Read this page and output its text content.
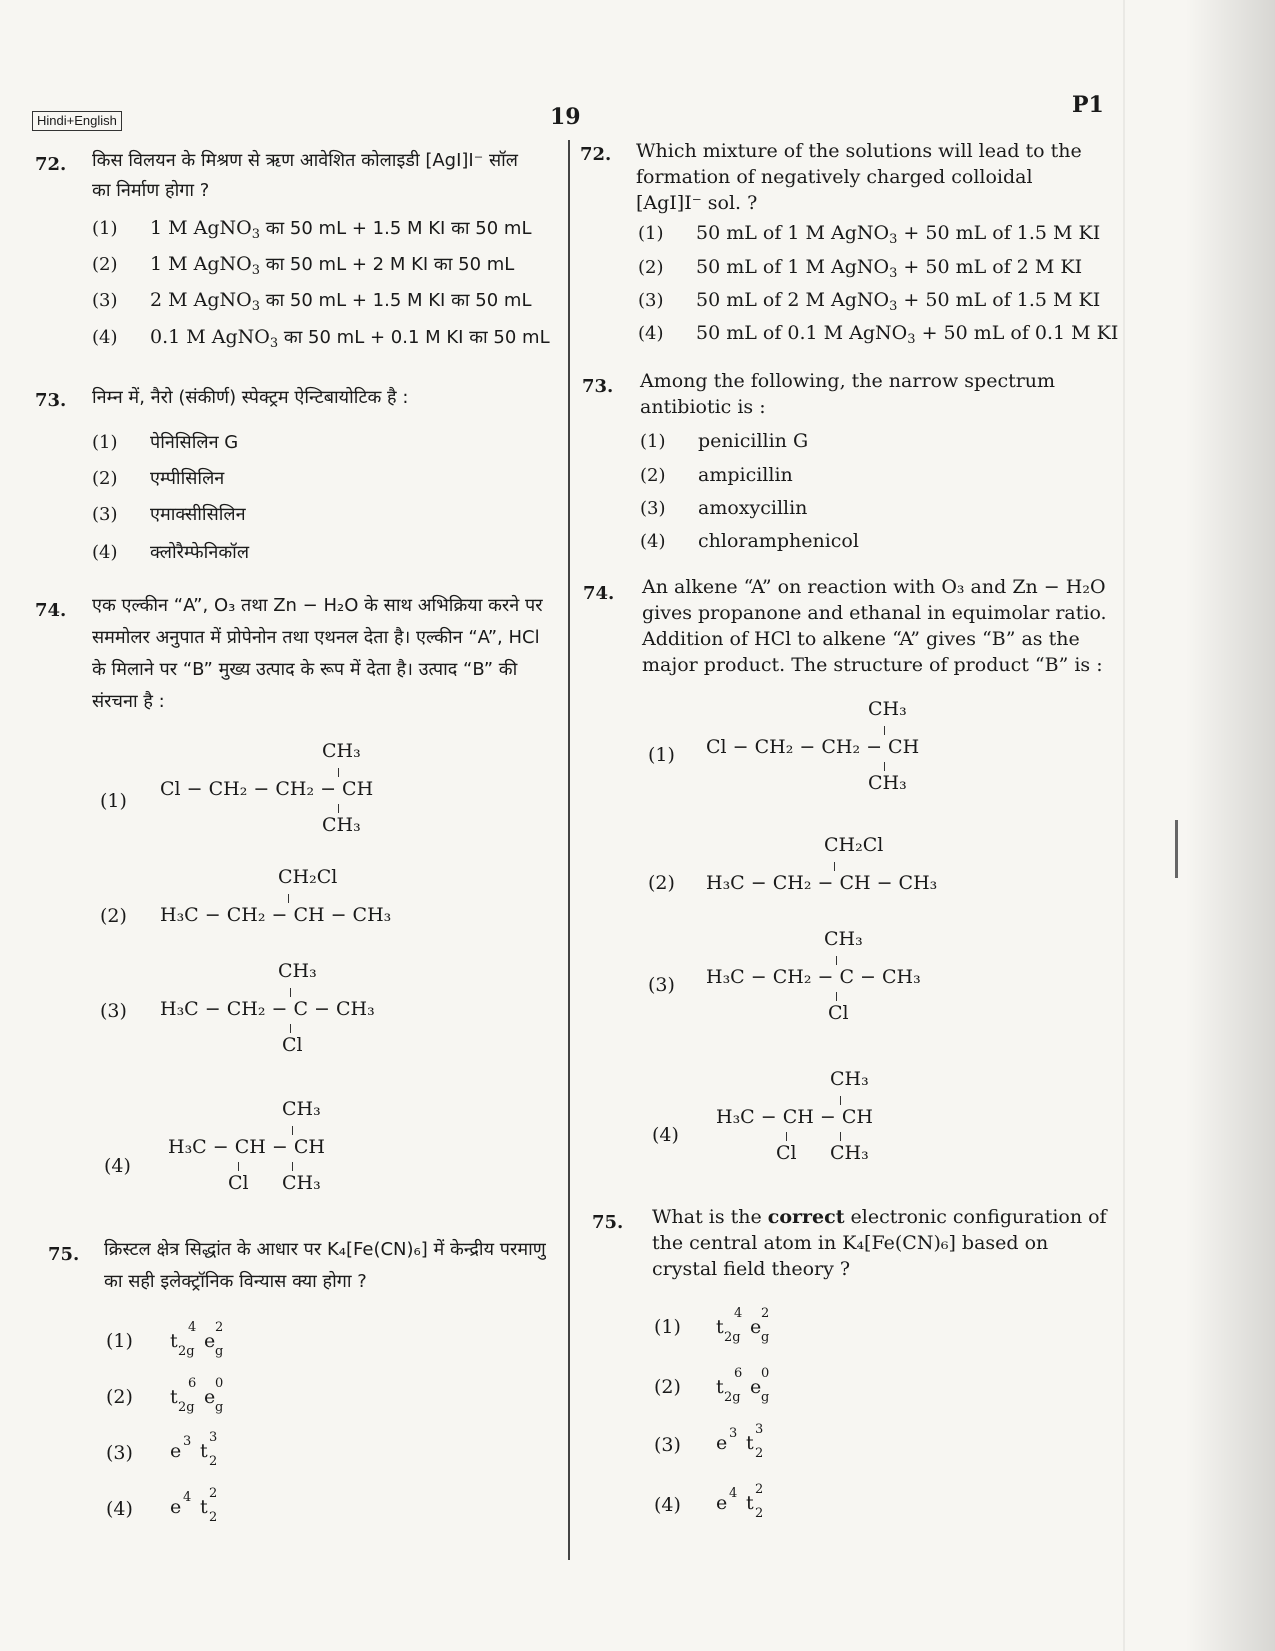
Hindi+English	19	P1
72. किस विलयन के मिश्रण से ऋण आवेशित कोलाइडी [AgI]I⁻ सॉल का निर्माण होगा ?
(1) 1 M AgNO$_3$ का 50 mL + 1.5 M KI का 50 mL
(2) 1 M AgNO$_3$ का 50 mL + 2 M KI का 50 mL
(3) 2 M AgNO$_3$ का 50 mL + 1.5 M KI का 50 mL
(4) 0.1 M AgNO$_3$ का 50 mL + 0.1 M KI का 50 mL
73. निम्न में, नैरो (संकीर्ण) स्पेक्ट्रम ऐन्टिबायोटिक है :
(1) पेनिसिलिन G
(2) एम्पीसिलिन
(3) एमाक्सीसिलिन
(4) क्लोरैम्फेनिकॉल
74. एक एल्कीन “A”, O₃ तथा Zn − H₂O के साथ अभिक्रिया करने पर सममोलर अनुपात में प्रोपेनोन तथा एथनल देता है। एल्कीन “A”, HCl के मिलाने पर “B” मुख्य उत्पाद के रूप में देता है। उत्पाद “B” की संरचना है :
(1)
CH₃
Cl − CH₂ − CH₂ − CH
CH₃
(2)
CH₂Cl
H₃C − CH₂ − CH − CH₃
(3)
CH₃
H₃C − CH₂ − C − CH₃
Cl
(4)
CH₃
H₃C − CH − CH
Cl CH₃
75. क्रिस्टल क्षेत्र सिद्धांत के आधार पर K₄[Fe(CN)₆] में केन्द्रीय परमाणु का सही इलेक्ट्रॉनिक विन्यास क्या होगा ?
(1) t 2g
4
e g
2
(2) t 2g
6
e g
0
(3) e 3 t 2
3
(4) e 4 t 2
2
72. Which mixture of the solutions will lead to the formation of negatively charged colloidal [AgI]I⁻ sol. ?
(1) 50 mL of 1 M AgNO$_3$ + 50 mL of 1.5 M KI
(2) 50 mL of 1 M AgNO$_3$ + 50 mL of 2 M KI
(3) 50 mL of 2 M AgNO$_3$ + 50 mL of 1.5 M KI
(4) 50 mL of 0.1 M AgNO$_3$ + 50 mL of 0.1 M KI
73. Among the following, the narrow spectrum antibiotic is :
(1) penicillin G
(2) ampicillin
(3) amoxycillin
(4) chloramphenicol
74. An alkene “A” on reaction with O₃ and Zn − H₂O gives propanone and ethanal in equimolar ratio. Addition of HCl to alkene “A” gives “B” as the major product. The structure of product “B” is :
(1)
CH₃
Cl − CH₂ − CH₂ − CH
CH₃
(2)
CH₂Cl
H₃C − CH₂ − CH − CH₃
(3)
CH₃
H₃C − CH₂ − C − CH₃
Cl
(4)
CH₃
H₃C − CH − CH
Cl CH₃
75. What is the correct electronic configuration of the central atom in K₄[Fe(CN)₆] based on crystal field theory ?
(1) t 2g
4
e g
2
(2) t 2g
6
e g
0
(3) e 3 t 2
3
(4) e 4 t 2
2
